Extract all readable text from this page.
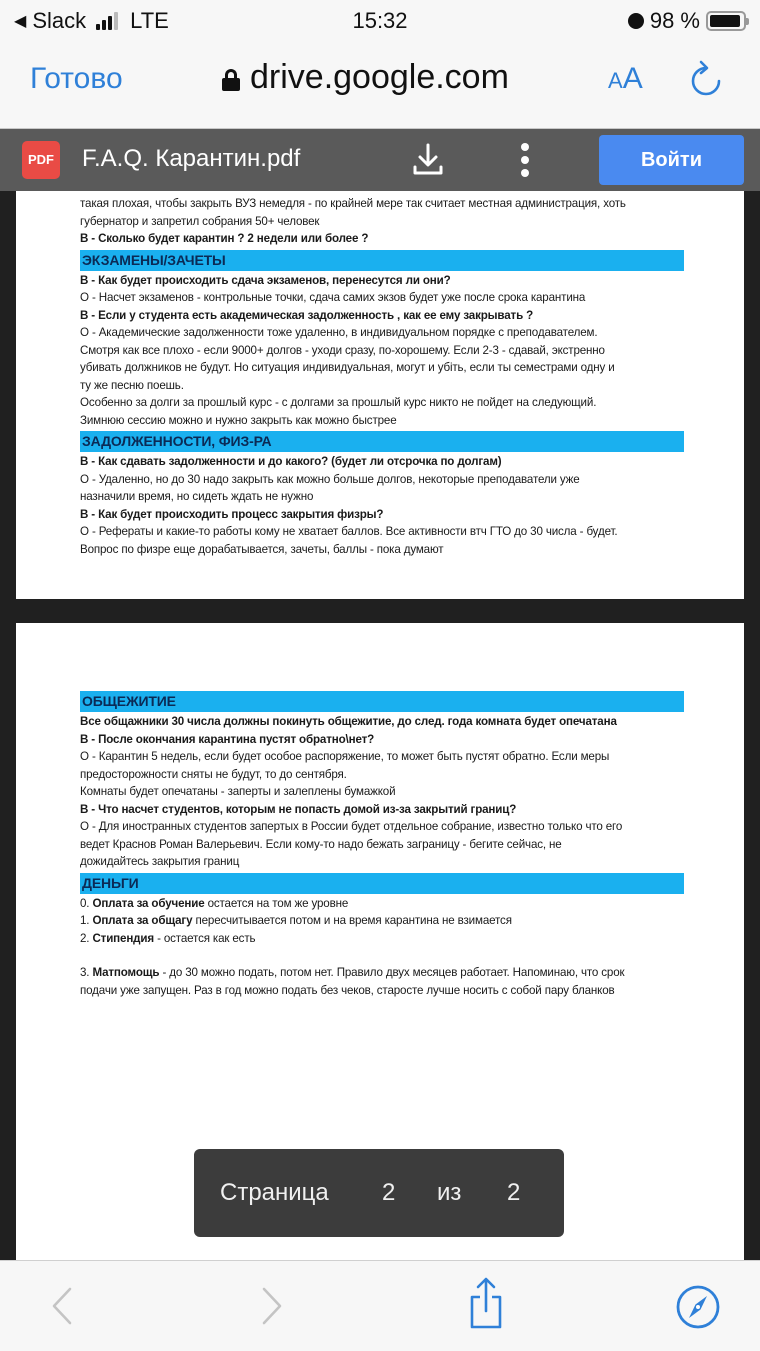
◀ Slack LTE	15:32	98 %
Готово	drive.google.com	AA

такая плохая, чтобы закрыть ВУЗ немедля - по крайней мере так считает местная администрация, хоть

губернатор и запретил собрания 50+ человек

В - Сколько будет карантин ? 2 недели или более ?

ЭКЗАМЕНЫ/ЗАЧЕТЫ

В - Как будет происходить сдача экзаменов, перенесутся ли они?

О - Насчет экзаменов - контрольные точки, сдача самих экзов будет уже после срока карантина

В - Если у студента есть академическая задолженность , как ее ему закрывать ?

О - Академические задолженности тоже удаленно, в индивидуальном порядке с преподавателем.

Смотря как все плохо - если 9000+ долгов - уходи сразу, по-хорошему. Если 2-3 - сдавай, экстренно

убивать должников не будут. Но ситуация индивидуальная, могут и убіть, если ты семестрами одну и

ту же песню поешь.

Особенно за долги за прошлый курс - с долгами за прошлый курс никто не пойдет на следующий.

Зимнюю сессию можно и нужно закрыть как можно быстрее

ЗАДОЛЖЕННОСТИ, ФИЗ-РА

В - Как сдавать задолженности и до какого? (будет ли отсрочка по долгам)

О - Удаленно, но до 30 надо закрыть как можно больше долгов, некоторые преподаватели уже

назначили время, но сидеть ждать не нужно

В - Как будет происходить процесс закрытия физры?

О - Рефераты и какие-то работы кому не хватает баллов. Все активности втч ГТО до 30 числа - будет.

Вопрос по физре еще дорабатывается, зачеты, баллы - пока думают

ОБЩЕЖИТИЕ

Все общажники 30 числа должны покинуть общежитие, до след. года комната будет опечатана

В - После окончания карантина пустят обратно\нет?

О - Карантин 5 недель, если будет особое распоряжение, то может быть пустят обратно. Если меры

предосторожности сняты не будут, то до сентября.

Комнаты будет опечатаны - заперты и залеплены бумажкой

В - Что насчет студентов, которым не попасть домой из-за закрытий границ?

О - Для иностранных студентов запертых в России будет отдельное собрание, известно только что его

ведет Краснов Роман Валерьевич. Если кому-то надо бежать заграницу - бегите сейчас, не

дожидайтесь закрытия границ

ДЕНЬГИ

0. Оплата за обучение остается на том же уровне

1. Оплата за общагу пересчитывается потом и на время карантина не взимается

2. Стипендия - остается как есть

3. Матпомощь - до 30 можно подать, потом нет. Правило двух месяцев работает. Напоминаю, что срок

подачи уже запущен. Раз в год можно подать без чеков, старосте лучше носить с собой пару бланков

PDF F.A.Q. Карантин.pdf	Войти
Страница 2 из 2
